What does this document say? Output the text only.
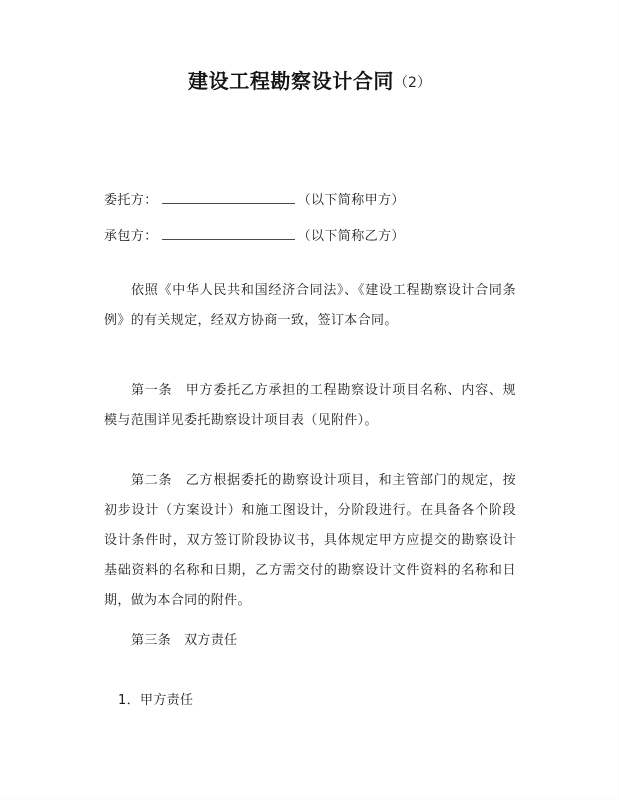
建设工程勘察设计合同（2）
委托方：	（以下简称甲方）
承包方：	（以下简称乙方）

依照《中华人民共和国经济合同法》、《建设工程勘察设计合同条例》的有关规定，经双方协商一致，签订本合同。

第一条 甲方委托乙方承担的工程勘察设计项目名称、内容、规模与范围详见委托勘察设计项目表（见附件）。

第二条 乙方根据委托的勘察设计项目，和主管部门的规定，按初步设计（方案设计）和施工图设计，分阶段进行。在具备各个阶段设计条件时，双方签订阶段协议书，具体规定甲方应提交的勘察设计基础资料的名称和日期，乙方需交付的勘察设计文件资料的名称和日期，做为本合同的附件。

第三条 双方责任

1．甲方责任
